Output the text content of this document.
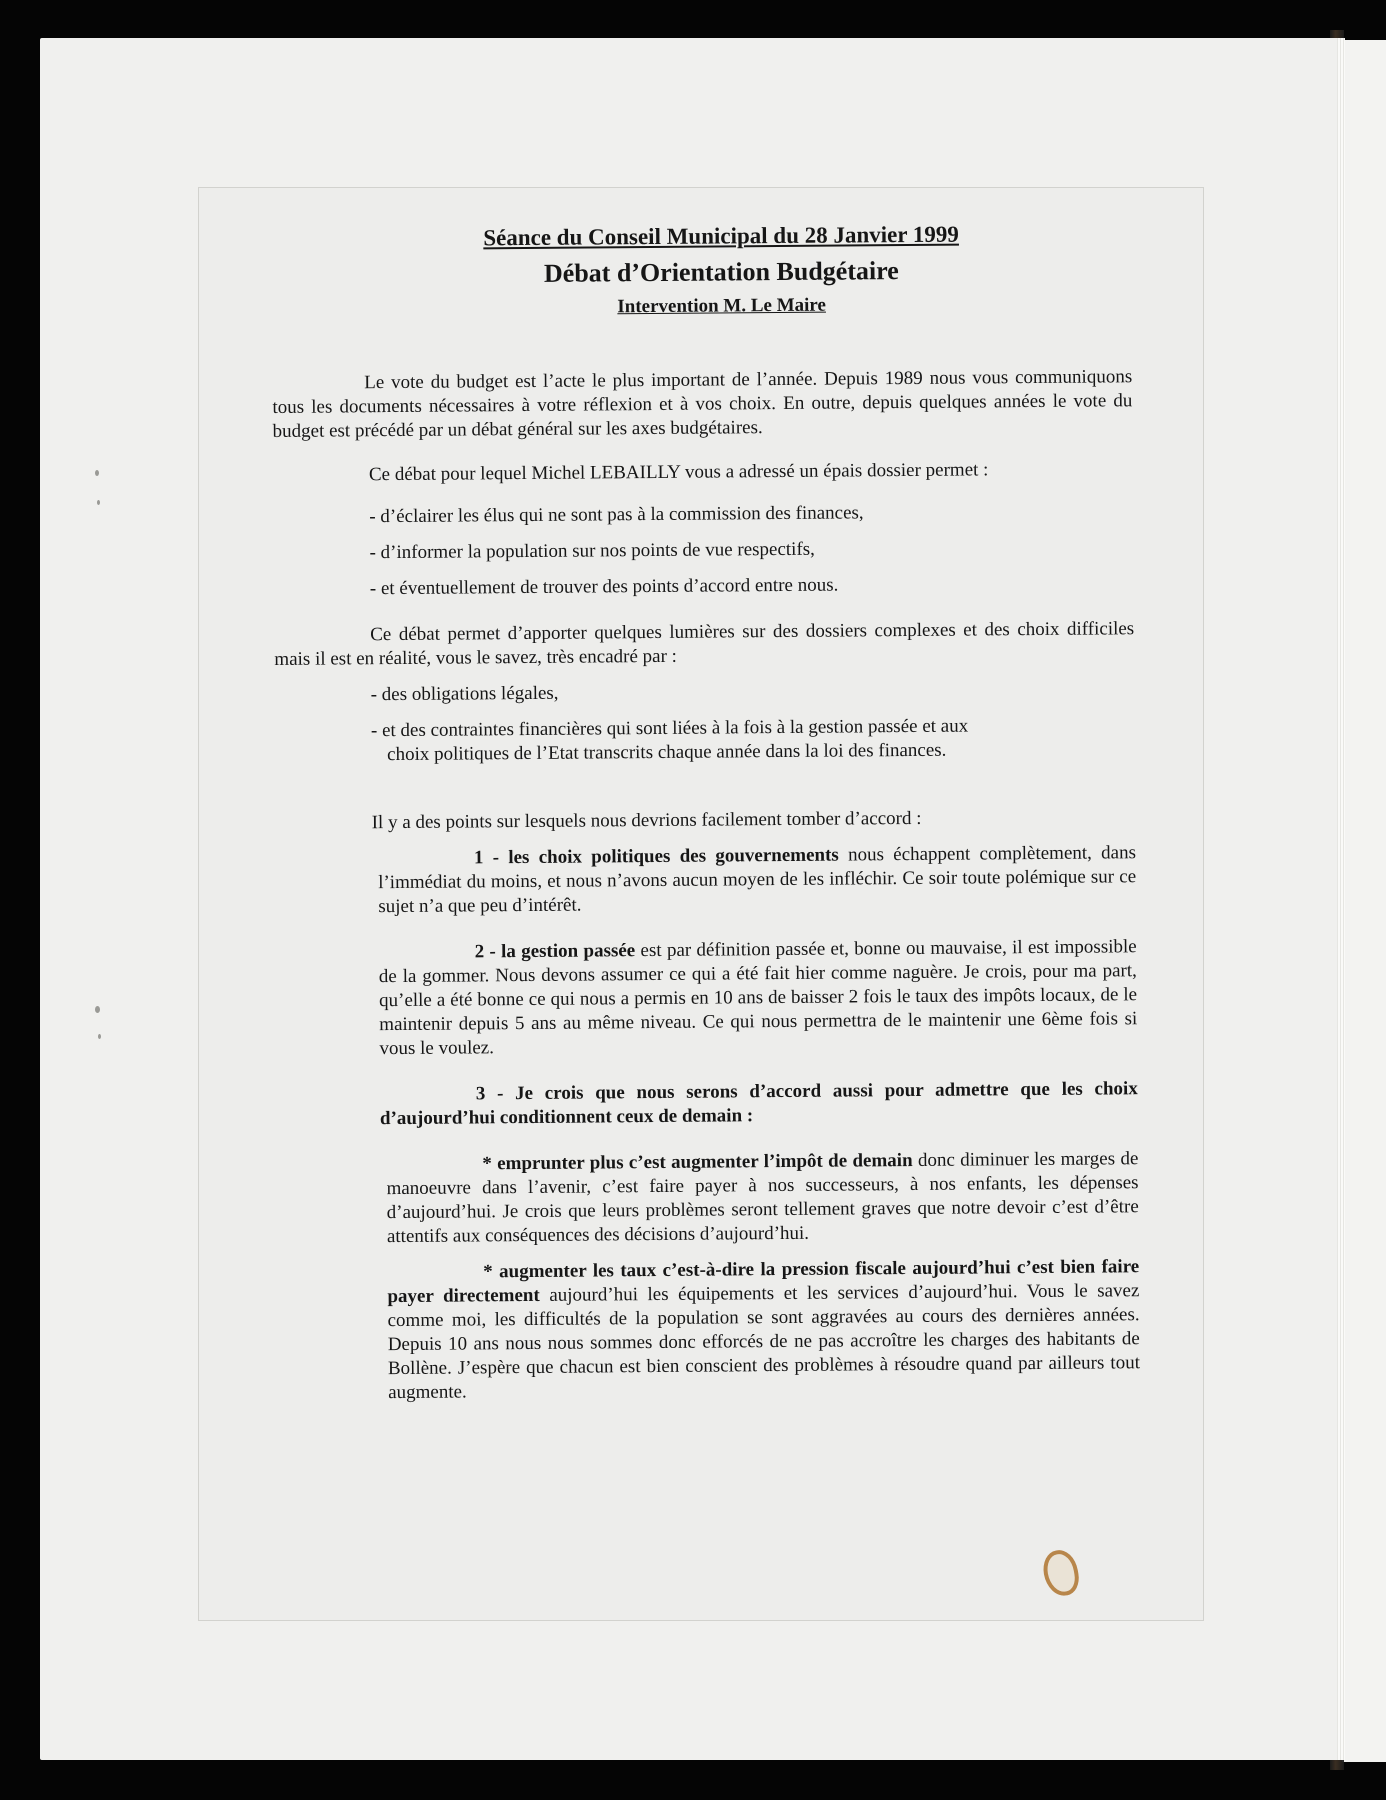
Séance du Conseil Municipal du 28 Janvier 1999
Débat d’Orientation Budgétaire
Intervention M. Le Maire

Le vote du budget est l’acte le plus important de l’année. Depuis 1989 nous vous communiquons tous les documents nécessaires à votre réflexion et à vos choix. En outre, depuis quelques années le vote du budget est précédé par un débat général sur les axes budgétaires.

Ce débat pour lequel Michel LEBAILLY vous a adressé un épais dossier permet :

- d’éclairer les élus qui ne sont pas à la commission des finances,

- d’informer la population sur nos points de vue respectifs,

- et éventuellement de trouver des points d’accord entre nous.

Ce débat permet d’apporter quelques lumières sur des dossiers complexes et des choix difficiles mais il est en réalité, vous le savez, très encadré par :

- des obligations légales,

- et des contraintes financières qui sont liées à la fois à la gestion passée et aux
choix politiques de l’Etat transcrits chaque année dans la loi des finances.

Il y a des points sur lesquels nous devrions facilement tomber d’accord :

1 - les choix politiques des gouvernements nous échappent complètement, dans l’immédiat du moins, et nous n’avons aucun moyen de les infléchir. Ce soir toute polémique sur ce sujet n’a que peu d’intérêt.

2 - la gestion passée est par définition passée et, bonne ou mauvaise, il est impossible de la gommer. Nous devons assumer ce qui a été fait hier comme naguère. Je crois, pour ma part, qu’elle a été bonne ce qui nous a permis en 10 ans de baisser 2 fois le taux des impôts locaux, de le maintenir depuis 5 ans au même niveau. Ce qui nous permettra de le maintenir une 6ème fois si vous le voulez.

3 - Je crois que nous serons d’accord aussi pour admettre que les choix d’aujourd’hui conditionnent ceux de demain :

* emprunter plus c’est augmenter l’impôt de demain donc diminuer les marges de manoeuvre dans l’avenir, c’est faire payer à nos successeurs, à nos enfants, les dépenses d’aujourd’hui. Je crois que leurs problèmes seront tellement graves que notre devoir c’est d’être attentifs aux conséquences des décisions d’aujourd’hui.

* augmenter les taux c’est-à-dire la pression fiscale aujourd’hui c’est bien faire payer directement aujourd’hui les équipements et les services d’aujourd’hui. Vous le savez comme moi, les difficultés de la population se sont aggravées au cours des dernières années. Depuis 10 ans nous nous sommes donc efforcés de ne pas accroître les charges des habitants de Bollène. J’espère que chacun est bien conscient des problèmes à résoudre quand par ailleurs tout augmente.
